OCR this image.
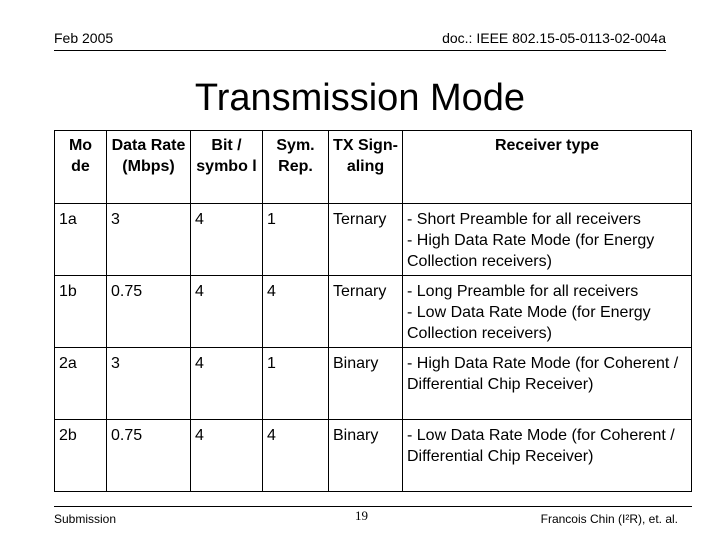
Feb 2005	doc.: IEEE 802.15-05-0113-02-004a
Transmission Mode
Mo de	Data Rate (Mbps)	Bit / symbo l	Sym. Rep.	TX Sign-aling	Receiver type
1a	3	4	1	Ternary	- Short Preamble for all receivers
- High Data Rate Mode (for Energy Collection receivers)

1b	0.75	4	4	Ternary	- Long Preamble for all receivers
- Low Data Rate Mode (for Energy Collection receivers)

2a	3	4	1	Binary	- High Data Rate Mode (for Coherent / Differential Chip Receiver)

2b	0.75	4	4	Binary	- Low Data Rate Mode (for Coherent / Differential Chip Receiver)
Submission	19	Francois Chin (I²R), et. al.
